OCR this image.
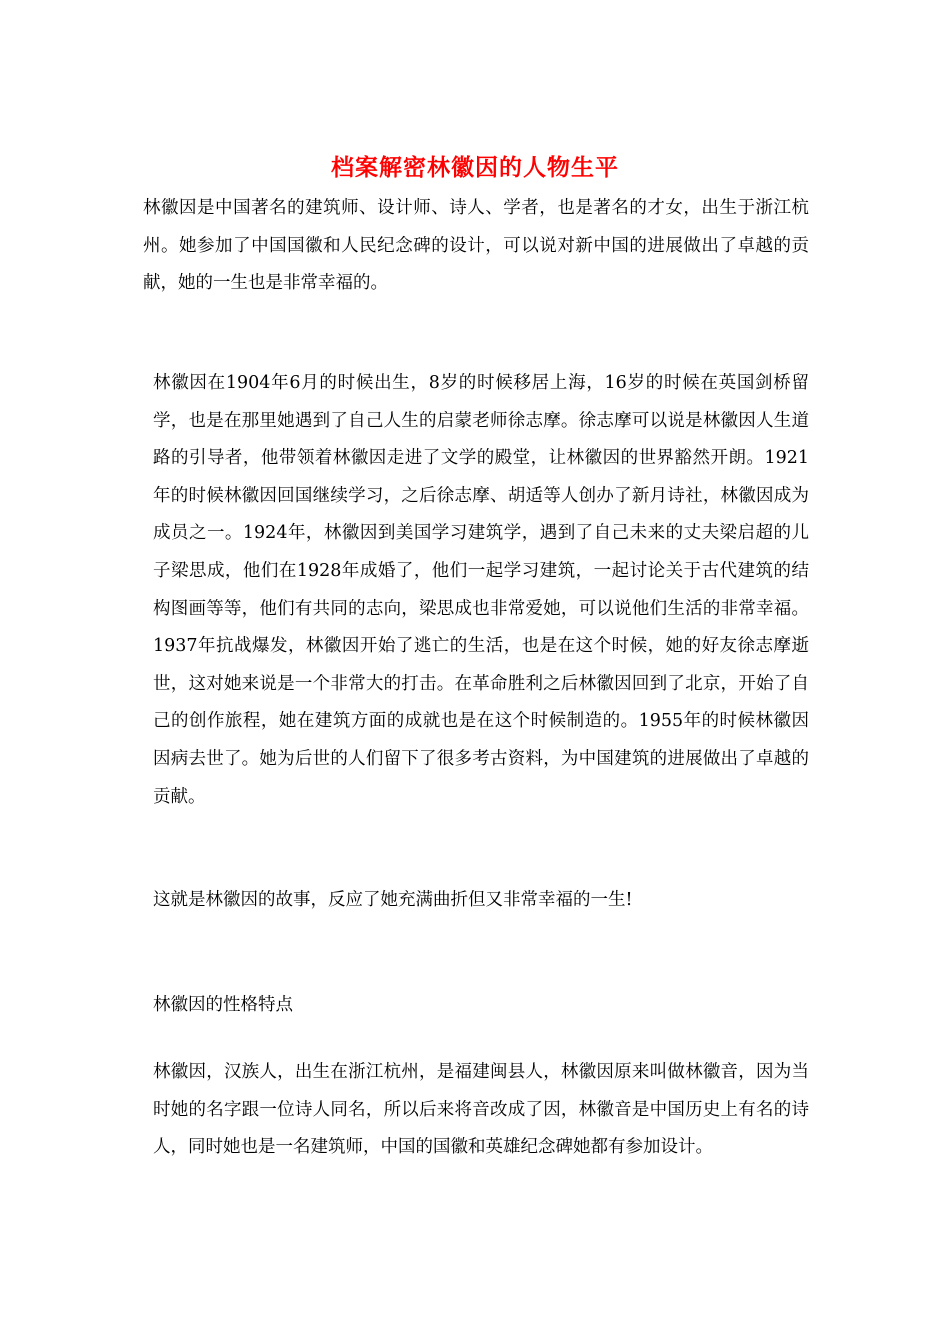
档案解密林徽因的人物生平

林徽因是中国著名的建筑师、设计师、诗人、学者，也是著名的才女，出生于浙江杭州。她参加了中国国徽和人民纪念碑的设计，可以说对新中国的进展做出了卓越的贡献，她的一生也是非常幸福的。

林徽因在1904年6月的时候出生，8岁的时候移居上海，16岁的时候在英国剑桥留学，也是在那里她遇到了自己人生的启蒙老师徐志摩。徐志摩可以说是林徽因人生道路的引导者，他带领着林徽因走进了文学的殿堂，让林徽因的世界豁然开朗。1921年的时候林徽因回国继续学习，之后徐志摩、胡适等人创办了新月诗社，林徽因成为成员之一。1924年，林徽因到美国学习建筑学，遇到了自己未来的丈夫梁启超的儿子梁思成，他们在1928年成婚了，他们一起学习建筑，一起讨论关于古代建筑的结构图画等等，他们有共同的志向，梁思成也非常爱她，可以说他们生活的非常幸福。1937年抗战爆发，林徽因开始了逃亡的生活，也是在这个时候，她的好友徐志摩逝世，这对她来说是一个非常大的打击。在革命胜利之后林徽因回到了北京，开始了自己的创作旅程，她在建筑方面的成就也是在这个时候制造的。1955年的时候林徽因因病去世了。她为后世的人们留下了很多考古资料，为中国建筑的进展做出了卓越的贡献。

这就是林徽因的故事，反应了她充满曲折但又非常幸福的一生!

林徽因的性格特点

林徽因，汉族人，出生在浙江杭州，是福建闽县人，林徽因原来叫做林徽音，因为当时她的名字跟一位诗人同名，所以后来将音改成了因，林徽音是中国历史上有名的诗人，同时她也是一名建筑师，中国的国徽和英雄纪念碑她都有参加设计。
